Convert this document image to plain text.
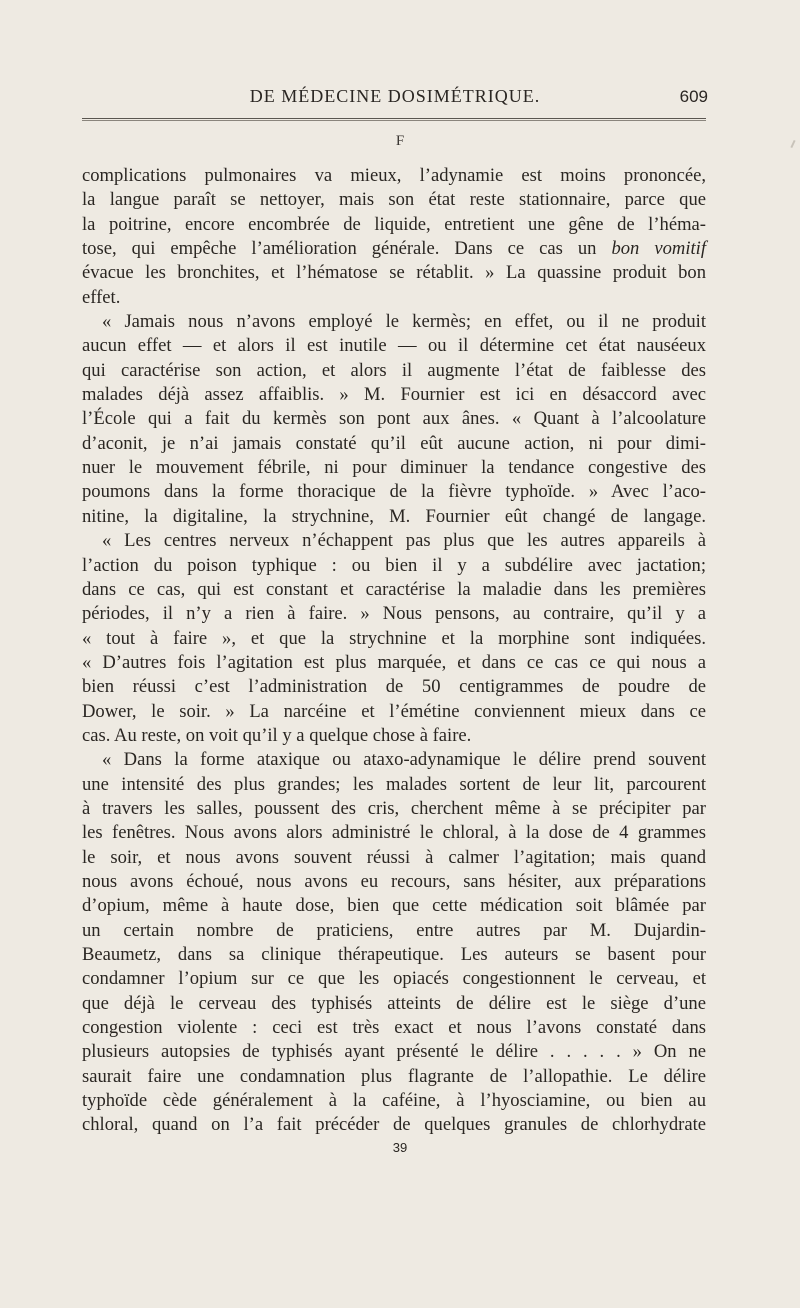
DE MÉDECINE DOSIMÉTRIQUE.	609
F
complications pulmonaires va mieux, l’adynamie est moins prononcée,
la langue paraît se nettoyer, mais son état reste stationnaire, parce que
la poitrine, encore encombrée de liquide, entretient une gêne de l’héma-
tose, qui empêche l’amélioration générale. Dans ce cas un bon vomitif
évacue les bronchites, et l’hématose se rétablit. » La quassine produit bon
effet.
« Jamais nous n’avons employé le kermès; en effet, ou il ne produit
aucun effet — et alors il est inutile — ou il détermine cet état nauséeux
qui caractérise son action, et alors il augmente l’état de faiblesse des
malades déjà assez affaiblis. » M. Fournier est ici en désaccord avec
l’École qui a fait du kermès son pont aux ânes. « Quant à l’alcoolature
d’aconit, je n’ai jamais constaté qu’il eût aucune action, ni pour dimi-
nuer le mouvement fébrile, ni pour diminuer la tendance congestive des
poumons dans la forme thoracique de la fièvre typhoïde. » Avec l’aco-
nitine, la digitaline, la strychnine, M. Fournier eût changé de langage.
« Les centres nerveux n’échappent pas plus que les autres appareils à
l’action du poison typhique : ou bien il y a subdélire avec jactation;
dans ce cas, qui est constant et caractérise la maladie dans les premières
périodes, il n’y a rien à faire. » Nous pensons, au contraire, qu’il y a
« tout à faire », et que la strychnine et la morphine sont indiquées.
« D’autres fois l’agitation est plus marquée, et dans ce cas ce qui nous a
bien réussi c’est l’administration de 50 centigrammes de poudre de
Dower, le soir. » La narcéine et l’émétine conviennent mieux dans ce
cas. Au reste, on voit qu’il y a quelque chose à faire.
« Dans la forme ataxique ou ataxo-adynamique le délire prend souvent
une intensité des plus grandes; les malades sortent de leur lit, parcourent
à travers les salles, poussent des cris, cherchent même à se précipiter par
les fenêtres. Nous avons alors administré le chloral, à la dose de 4 grammes
le soir, et nous avons souvent réussi à calmer l’agitation; mais quand
nous avons échoué, nous avons eu recours, sans hésiter, aux préparations
d’opium, même à haute dose, bien que cette médication soit blâmée par
un certain nombre de praticiens, entre autres par M. Dujardin-
Beaumetz, dans sa clinique thérapeutique. Les auteurs se basent pour
condamner l’opium sur ce que les opiacés congestionnent le cerveau, et
que déjà le cerveau des typhisés atteints de délire est le siège d’une
congestion violente : ceci est très exact et nous l’avons constaté dans
plusieurs autopsies de typhisés ayant présenté le délire . . . . . » On ne
saurait faire une condamnation plus flagrante de l’allopathie. Le délire
typhoïde cède généralement à la caféine, à l’hyosciamine, ou bien au
chloral, quand on l’a fait précéder de quelques granules de chlorhydrate
39
